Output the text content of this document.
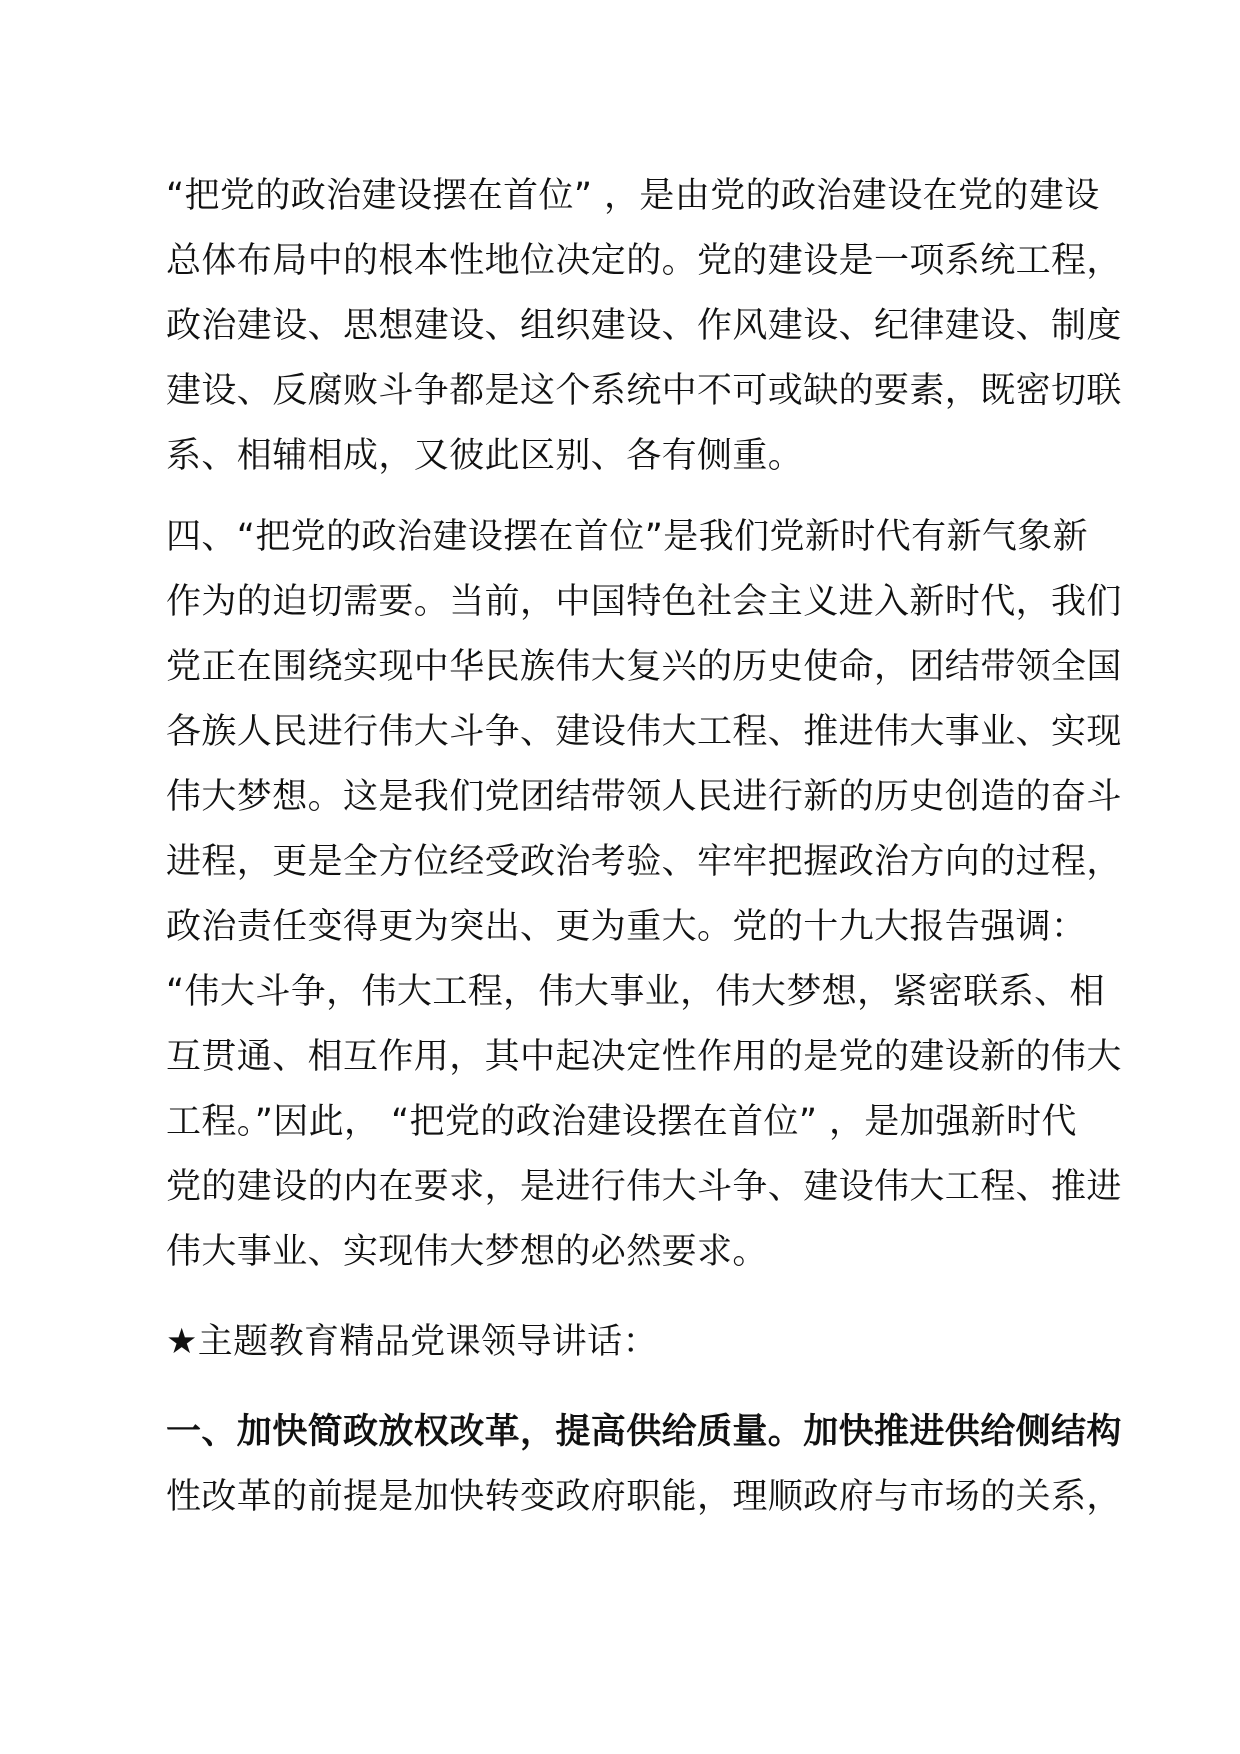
“把党的政治建设摆在首位” ，是由党的政治建设在党的建设
总体布局中的根本性地位决定的。党的建设是一项系统工程，
政治建设、思想建设、组织建设、作风建设、纪律建设、制度
建设、反腐败斗争都是这个系统中不可或缺的要素，既密切联
系、相辅相成，又彼此区别、各有侧重。
四、“把党的政治建设摆在首位”是我们党新时代有新气象新
作为的迫切需要。当前，中国特色社会主义进入新时代，我们
党正在围绕实现中华民族伟大复兴的历史使命，团结带领全国
各族人民进行伟大斗争、建设伟大工程、推进伟大事业、实现
伟大梦想。这是我们党团结带领人民进行新的历史创造的奋斗
进程，更是全方位经受政治考验、牢牢把握政治方向的过程，
政治责任变得更为突出、更为重大。党的十九大报告强调：
“伟大斗争，伟大工程，伟大事业，伟大梦想，紧密联系、相
互贯通、相互作用，其中起决定性作用的是党的建设新的伟大
工程。”因此， “把党的政治建设摆在首位” ，是加强新时代
党的建设的内在要求，是进行伟大斗争、建设伟大工程、推进
伟大事业、实现伟大梦想的必然要求。
★主题教育精品党课领导讲话：
一、加快简政放权改革，提高供给质量。加快推进供给侧结构
性改革的前提是加快转变政府职能，理顺政府与市场的关系，
